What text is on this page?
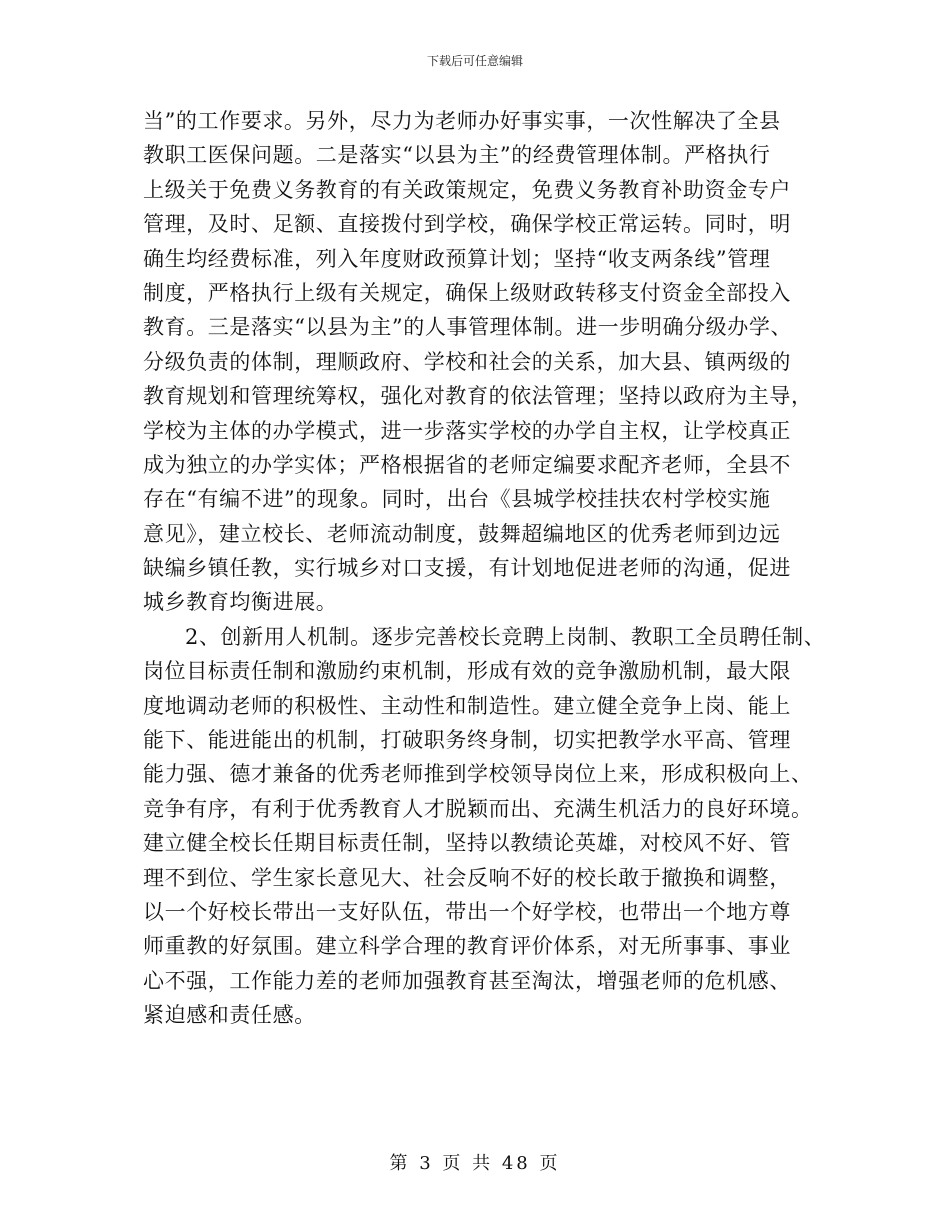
下载后可任意编辑
当”的工作要求。另外，尽力为老师办好事实事，一次性解决了全县
教职工医保问题。二是落实“以县为主”的经费管理体制。严格执行
上级关于免费义务教育的有关政策规定，免费义务教育补助资金专户
管理，及时、足额、直接拨付到学校，确保学校正常运转。同时，明
确生均经费标准，列入年度财政预算计划；坚持“收支两条线”管理
制度，严格执行上级有关规定，确保上级财政转移支付资金全部投入
教育。三是落实“以县为主”的人事管理体制。进一步明确分级办学、
分级负责的体制，理顺政府、学校和社会的关系，加大县、镇两级的
教育规划和管理统筹权，强化对教育的依法管理；坚持以政府为主导，
学校为主体的办学模式，进一步落实学校的办学自主权，让学校真正
成为独立的办学实体；严格根据省的老师定编要求配齐老师，全县不
存在“有编不进”的现象。同时，出台《县城学校挂扶农村学校实施
意见》，建立校长、老师流动制度，鼓舞超编地区的优秀老师到边远
缺编乡镇任教，实行城乡对口支援，有计划地促进老师的沟通，促进
城乡教育均衡进展。
2、创新用人机制。逐步完善校长竞聘上岗制、教职工全员聘任制、
岗位目标责任制和激励约束机制，形成有效的竞争激励机制，最大限
度地调动老师的积极性、主动性和制造性。建立健全竞争上岗、能上
能下、能进能出的机制，打破职务终身制，切实把教学水平高、管理
能力强、德才兼备的优秀老师推到学校领导岗位上来，形成积极向上、
竞争有序，有利于优秀教育人才脱颖而出、充满生机活力的良好环境。
建立健全校长任期目标责任制，坚持以教绩论英雄，对校风不好、管
理不到位、学生家长意见大、社会反响不好的校长敢于撤换和调整，
以一个好校长带出一支好队伍，带出一个好学校，也带出一个地方尊
师重教的好氛围。建立科学合理的教育评价体系，对无所事事、事业
心不强，工作能力差的老师加强教育甚至淘汰，增强老师的危机感、
紧迫感和责任感。
第 3 页 共 48 页
